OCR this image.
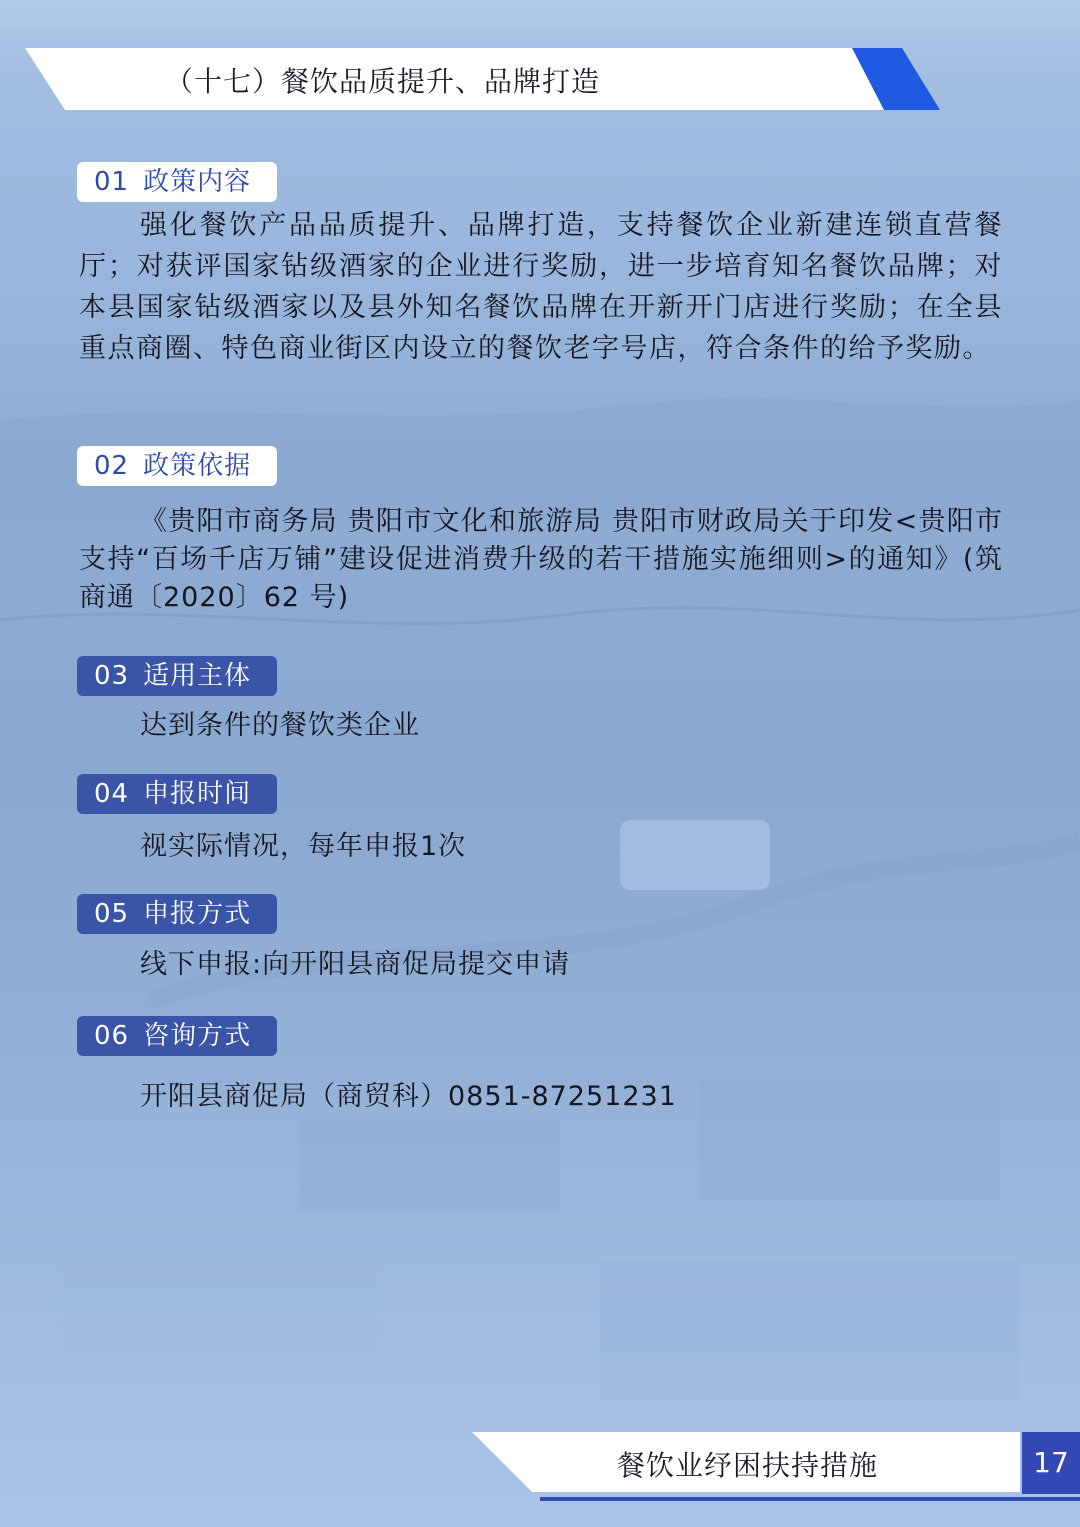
（十七）餐饮品质提升、品牌打造
01 政策内容
强化餐饮产品品质提升、品牌打造，支持餐饮企业新建连锁直营餐厅；对获评国家钻级酒家的企业进行奖励，进一步培育知名餐饮品牌；对本县国家钻级酒家以及县外知名餐饮品牌在开新开门店进行奖励；在全县重点商圈、特色商业街区内设立的餐饮老字号店，符合条件的给予奖励。
02 政策依据
《贵阳市商务局 贵阳市文化和旅游局 贵阳市财政局关于印发<贵阳市支持“百场千店万铺”建设促进消费升级的若干措施实施细则>的通知》(筑商通〔2020〕62 号)
03 适用主体
达到条件的餐饮类企业
04 申报时间
视实际情况，每年申报1次
05 申报方式
线下申报:向开阳县商促局提交申请
06 咨询方式
开阳县商促局（商贸科）0851-87251231
餐饮业纾困扶持措施	17
